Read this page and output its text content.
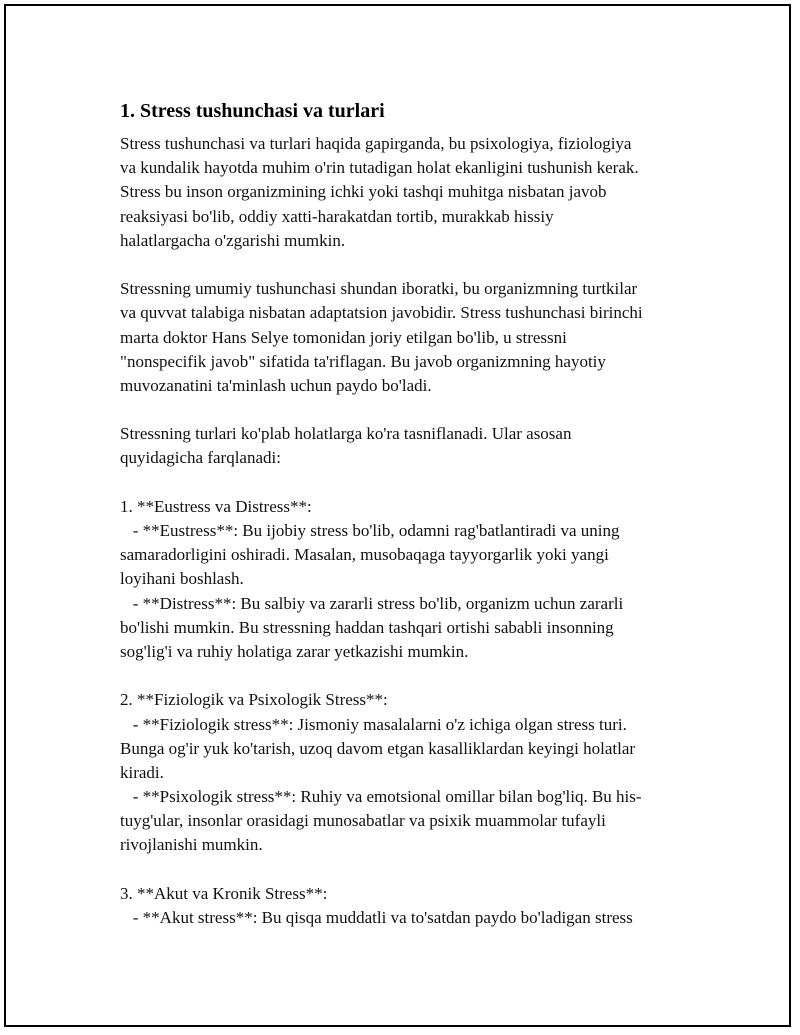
1. Stress tushunchasi va turlari

Stress tushunchasi va turlari haqida gapirganda, bu psixologiya, fiziologiya

va kundalik hayotda muhim o'rin tutadigan holat ekanligini tushunish kerak.

Stress bu inson organizmining ichki yoki tashqi muhitga nisbatan javob

reaksiyasi bo'lib, oddiy xatti-harakatdan tortib, murakkab hissiy

halatlargacha o'zgarishi mumkin.

Stressning umumiy tushunchasi shundan iboratki, bu organizmning turtkilar

va quvvat talabiga nisbatan adaptatsion javobidir. Stress tushunchasi birinchi

marta doktor Hans Selye tomonidan joriy etilgan bo'lib, u stressni

"nonspecifik javob" sifatida ta'riflagan. Bu javob organizmning hayotiy

muvozanatini ta'minlash uchun paydo bo'ladi.

Stressning turlari ko'plab holatlarga ko'ra tasniflanadi. Ular asosan

quyidagicha farqlanadi:

1. **Eustress va Distress**:

- **Eustress**: Bu ijobiy stress bo'lib, odamni rag'batlantiradi va uning

samaradorligini oshiradi. Masalan, musobaqaga tayyorgarlik yoki yangi

loyihani boshlash.

- **Distress**: Bu salbiy va zararli stress bo'lib, organizm uchun zararli

bo'lishi mumkin. Bu stressning haddan tashqari ortishi sababli insonning

sog'lig'i va ruhiy holatiga zarar yetkazishi mumkin.

2. **Fiziologik va Psixologik Stress**:

- **Fiziologik stress**: Jismoniy masalalarni o'z ichiga olgan stress turi.

Bunga og'ir yuk ko'tarish, uzoq davom etgan kasalliklardan keyingi holatlar

kiradi.

- **Psixologik stress**: Ruhiy va emotsional omillar bilan bog'liq. Bu his-

tuyg'ular, insonlar orasidagi munosabatlar va psixik muammolar tufayli

rivojlanishi mumkin.

3. **Akut va Kronik Stress**:

- **Akut stress**: Bu qisqa muddatli va to'satdan paydo bo'ladigan stress
